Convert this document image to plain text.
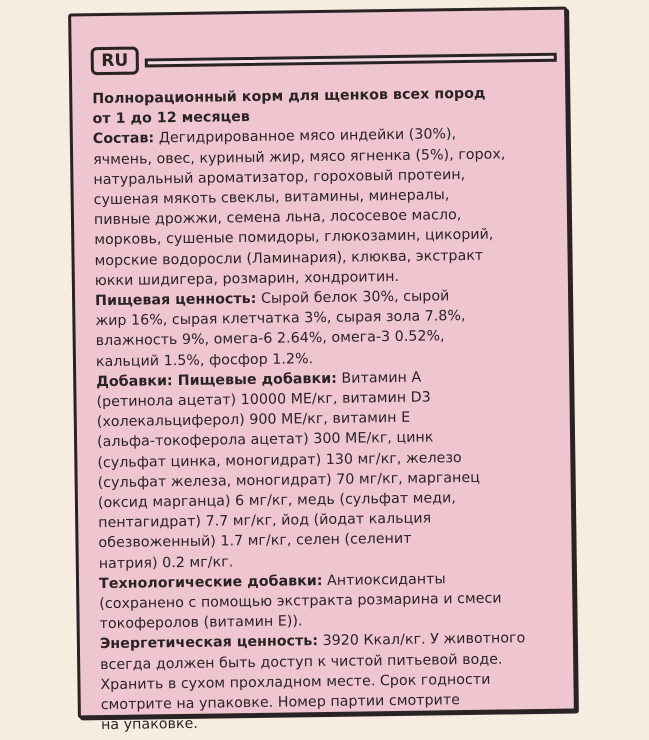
RU

Полнорационный корм для щенков всех пород
от 1 до 12 месяцев

Состав: Дегидрированное мясо индейки (30%),
ячмень, овес, куриный жир, мясо ягненка (5%), горох,
натуральный ароматизатор, гороховый протеин,
сушеная мякоть свеклы, витамины, минералы,
пивные дрожжи, семена льна, лососевое масло,
морковь, сушеные помидоры, глюкозамин, цикорий,
морские водоросли (Ламинария), клюква, экстракт
юкки шидигера, розмарин, хондроитин.

Пищевая ценность: Сырой белок 30%, сырой
жир 16%, сырая клетчатка 3%, сырая зола 7.8%,
влажность 9%, омега-6 2.64%, омега-3 0.52%,
кальций 1.5%, фосфор 1.2%.

Добавки: Пищевые добавки: Витамин А
(ретинола ацетат) 10000 МЕ/кг, витамин D3
(холекальциферол) 900 МЕ/кг, витамин Е
(альфа-токоферола ацетат) 300 МЕ/кг, цинк
(сульфат цинка, моногидрат) 130 мг/кг, железо
(сульфат железа, моногидрат) 70 мг/кг, марганец
(оксид марганца) 6 мг/кг, медь (сульфат меди,
пентагидрат) 7.7 мг/кг, йод (йодат кальция
обезвоженный) 1.7 мг/кг, селен (селенит
натрия) 0.2 мг/кг.

Технологические добавки: Антиоксиданты
(сохранено с помощью экстракта розмарина и смеси
токоферолов (витамин Е)).

Энергетическая ценность: 3920 Ккал/кг. У животного
всегда должен быть доступ к чистой питьевой воде.
Хранить в сухом прохладном месте. Срок годности
смотрите на упаковке. Номер партии смотрите
на упаковке.
